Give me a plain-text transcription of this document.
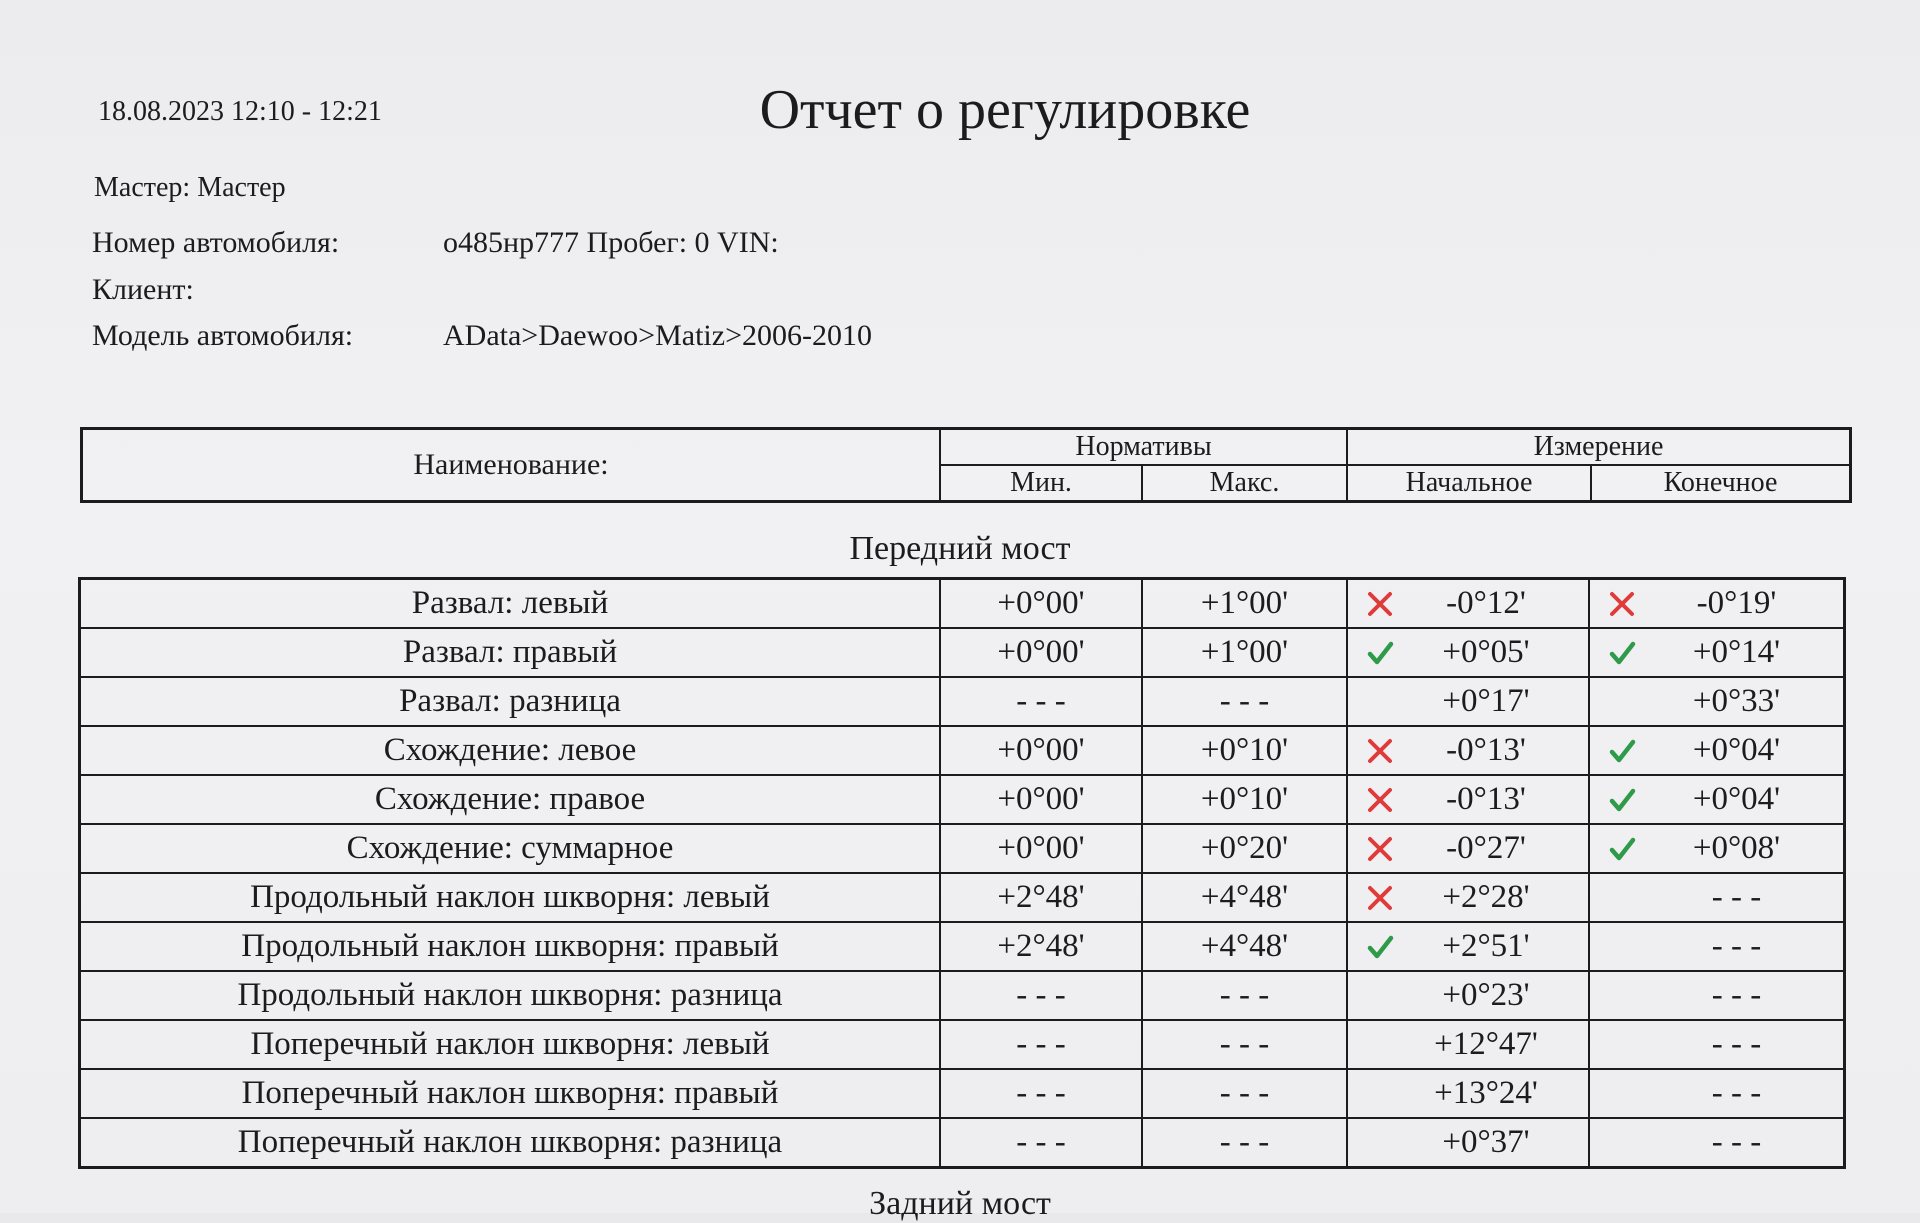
18.08.2023 12:10 - 12:21	Отчет о регулировке
Мастер: Мастер
Номер автомобиля:	о485нр777 Пробег: 0 VIN:
Клиент:
Модель автомобиля:	AData>Daewoo>Matiz>2006-2010
Наименование:	Нормативы		Измерение	
	Мин.	Макс.	Начальное	Конечное
Передний мост
Развал: левый	+0°00'	+1°00'	-0°12'	-0°19'
Развал: правый	+0°00'	+1°00'	+0°05'	+0°14'
Развал: разница	- - -	- - -	+0°17'	+0°33'
Схождение: левое	+0°00'	+0°10'	-0°13'	+0°04'
Схождение: правое	+0°00'	+0°10'	-0°13'	+0°04'
Схождение: суммарное	+0°00'	+0°20'	-0°27'	+0°08'
Продольный наклон шкворня: левый	+2°48'	+4°48'	+2°28'	- - -
Продольный наклон шкворня: правый	+2°48'	+4°48'	+2°51'	- - -
Продольный наклон шкворня: разница	- - -	- - -	+0°23'	- - -
Поперечный наклон шкворня: левый	- - -	- - -	+12°47'	- - -
Поперечный наклон шкворня: правый	- - -	- - -	+13°24'	- - -
Поперечный наклон шкворня: разница	- - -	- - -	+0°37'	- - -
Задний мост
